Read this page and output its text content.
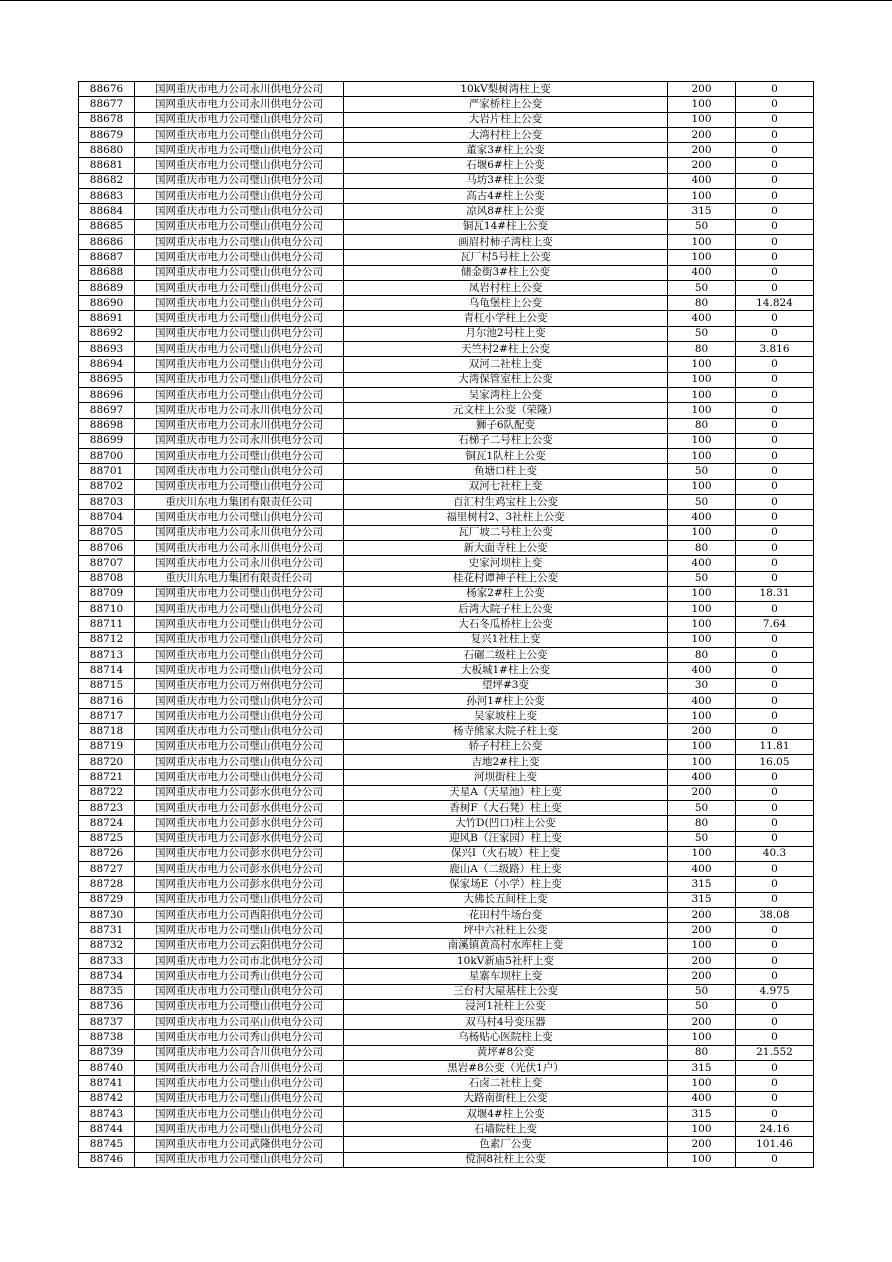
88676	国网重庆市电力公司永川供电分公司	10kV梨树湾柱上变	200	0
88677	国网重庆市电力公司永川供电分公司	严家桥柱上公变	100	0
88678	国网重庆市电力公司璧山供电分公司	大岩片柱上公变	100	0
88679	国网重庆市电力公司璧山供电分公司	大湾村柱上公变	200	0
88680	国网重庆市电力公司璧山供电分公司	董家3#柱上公变	200	0
88681	国网重庆市电力公司璧山供电分公司	石堰6#柱上公变	200	0
88682	国网重庆市电力公司璧山供电分公司	马坊3#柱上公变	400	0
88683	国网重庆市电力公司璧山供电分公司	高古4#柱上公变	100	0
88684	国网重庆市电力公司璧山供电分公司	凉风8#柱上公变	315	0
88685	国网重庆市电力公司璧山供电分公司	铜瓦14#柱上公变	50	0
88686	国网重庆市电力公司璧山供电分公司	画眉村柿子湾柱上变	100	0
88687	国网重庆市电力公司璧山供电分公司	瓦厂村5号柱上公变	100	0
88688	国网重庆市电力公司璧山供电分公司	储金街3#柱上公变	400	0
88689	国网重庆市电力公司璧山供电分公司	凤岩村柱上公变	50	0
88690	国网重庆市电力公司璧山供电分公司	乌龟堡柱上公变	80	14.824
88691	国网重庆市电力公司璧山供电分公司	青杠小学柱上公变	400	0
88692	国网重庆市电力公司璧山供电分公司	月尔池2号柱上变	50	0
88693	国网重庆市电力公司璧山供电分公司	天竺村2#柱上公变	80	3.816
88694	国网重庆市电力公司璧山供电分公司	双河二社柱上变	100	0
88695	国网重庆市电力公司璧山供电分公司	大湾保管室柱上公变	100	0
88696	国网重庆市电力公司璧山供电分公司	吴家湾柱上公变	100	0
88697	国网重庆市电力公司永川供电分公司	元文柱上公变（荣隆）	100	0
88698	国网重庆市电力公司永川供电分公司	狮子6队配变	80	0
88699	国网重庆市电力公司永川供电分公司	石梯子二号柱上公变	100	0
88700	国网重庆市电力公司璧山供电分公司	铜瓦1队柱上公变	100	0
88701	国网重庆市电力公司璧山供电分公司	鱼塘口柱上变	50	0
88702	国网重庆市电力公司璧山供电分公司	双河七社柱上变	100	0
88703	重庆川东电力集团有限责任公司	百汇村生鸡宝柱上公变	50	0
88704	国网重庆市电力公司璧山供电分公司	福里树村2、3社柱上公变	400	0
88705	国网重庆市电力公司永川供电分公司	瓦厂坡二号柱上公变	100	0
88706	国网重庆市电力公司永川供电分公司	新大面寺柱上公变	80	0
88707	国网重庆市电力公司永川供电分公司	史家河坝柱上变	400	0
88708	重庆川东电力集团有限责任公司	桂花村谭神子柱上公变	50	0
88709	国网重庆市电力公司璧山供电分公司	杨家2#柱上公变	100	18.31
88710	国网重庆市电力公司璧山供电分公司	后湾大院子柱上公变	100	0
88711	国网重庆市电力公司璧山供电分公司	大石冬瓜桥柱上公变	100	7.64
88712	国网重庆市电力公司璧山供电分公司	复兴1社柱上变	100	0
88713	国网重庆市电力公司璧山供电分公司	石碾二级柱上公变	80	0
88714	国网重庆市电力公司璧山供电分公司	大板城1#柱上公变	400	0
88715	国网重庆市电力公司万州供电分公司	望坪#3变	30	0
88716	国网重庆市电力公司璧山供电分公司	孙河1#柱上公变	400	0
88717	国网重庆市电力公司璧山供电分公司	吴家坡柱上变	100	0
88718	国网重庆市电力公司璧山供电分公司	杨寺熊家大院子柱上变	200	0
88719	国网重庆市电力公司璧山供电分公司	轿子村柱上公变	100	11.81
88720	国网重庆市电力公司璧山供电分公司	吉地2#柱上变	100	16.05
88721	国网重庆市电力公司璧山供电分公司	河坝街柱上变	400	0
88722	国网重庆市电力公司彭水供电分公司	天星A（天星池）柱上变	200	0
88723	国网重庆市电力公司彭水供电分公司	香树F（大石凳）柱上变	50	0
88724	国网重庆市电力公司彭水供电分公司	大竹D(凹口)柱上公变	80	0
88725	国网重庆市电力公司彭水供电分公司	迎风B（汪家园）柱上变	50	0
88726	国网重庆市电力公司彭水供电分公司	保兴I（火石坡）柱上变	100	40.3
88727	国网重庆市电力公司彭水供电分公司	鹿山A（二级路）柱上变	400	0
88728	国网重庆市电力公司彭水供电分公司	保家场E（小学）柱上变	315	0
88729	国网重庆市电力公司璧山供电分公司	大佛长五间柱上变	315	0
88730	国网重庆市电力公司酉阳供电分公司	花田村牛场台变	200	38.08
88731	国网重庆市电力公司璧山供电分公司	坪中六社柱上公变	200	0
88732	国网重庆市电力公司云阳供电分公司	南溪镇黄高村水库柱上变	100	0
88733	国网重庆市电力公司市北供电分公司	10kV新庙5社杆上变	200	0
88734	国网重庆市电力公司秀山供电分公司	星寨车坝柱上变	200	0
88735	国网重庆市电力公司璧山供电分公司	三台村大屋基柱上公变	50	4.975
88736	国网重庆市电力公司璧山供电分公司	浸河1社柱上公变	50	0
88737	国网重庆市电力公司巫山供电分公司	双马村4号变压器	200	0
88738	国网重庆市电力公司秀山供电分公司	乌杨贴心医院柱上变	100	0
88739	国网重庆市电力公司合川供电分公司	黄坪#8公变	80	21.552
88740	国网重庆市电力公司合川供电分公司	黑岩#8公变（光伏1户）	315	0
88741	国网重庆市电力公司璧山供电分公司	石卤二社柱上变	100	0
88742	国网重庆市电力公司璧山供电分公司	大路南街柱上公变	400	0
88743	国网重庆市电力公司璧山供电分公司	双堰4#柱上公变	315	0
88744	国网重庆市电力公司璧山供电分公司	石墙院柱上变	100	24.16
88745	国网重庆市电力公司武隆供电分公司	色素厂公变	200	101.46
88746	国网重庆市电力公司璧山供电分公司	傥洞8社柱上公变	100	0
